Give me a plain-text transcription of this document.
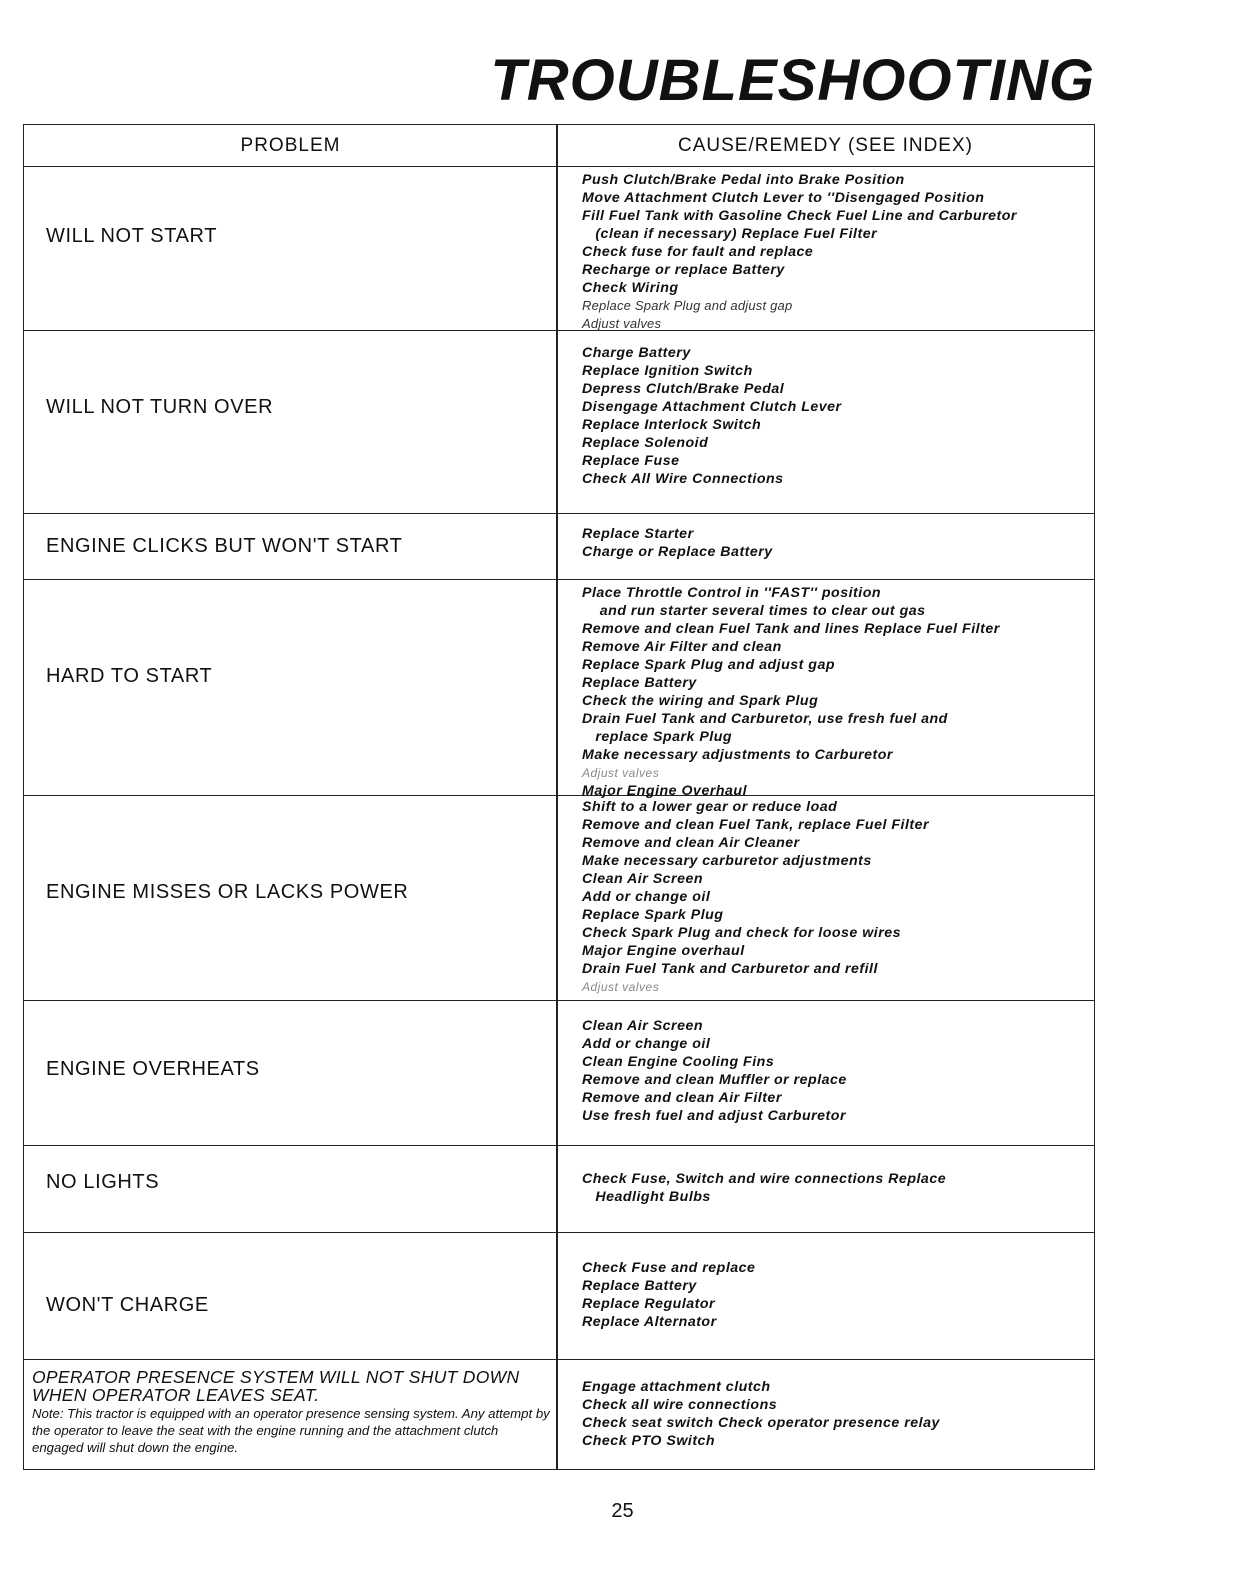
TROUBLESHOOTING
PROBLEM	CAUSE/REMEDY (SEE INDEX)
WILL NOT START
Push Clutch/Brake Pedal into Brake Position
Move Attachment Clutch Lever to ''Disengaged Position
Fill Fuel Tank with Gasoline Check Fuel Line and Carburetor
(clean if necessary) Replace Fuel Filter
Check fuse for fault and replace
Recharge or replace Battery
Check Wiring
Replace Spark Plug and adjust gap
Adjust valves
WILL NOT TURN OVER
Charge Battery
Replace Ignition Switch
Depress Clutch/Brake Pedal
Disengage Attachment Clutch Lever
Replace Interlock Switch
Replace Solenoid
Replace Fuse
Check All Wire Connections
ENGINE CLICKS BUT WON'T START
Replace Starter
Charge or Replace Battery
HARD TO START
Place Throttle Control in ''FAST'' position
and run starter several times to clear out gas
Remove and clean Fuel Tank and lines Replace Fuel Filter
Remove Air Filter and clean
Replace Spark Plug and adjust gap
Replace Battery
Check the wiring and Spark Plug
Drain Fuel Tank and Carburetor, use fresh fuel and
replace Spark Plug
Make necessary adjustments to Carburetor
Adjust valves
Major Engine Overhaul
ENGINE MISSES OR LACKS POWER
Shift to a lower gear or reduce load
Remove and clean Fuel Tank, replace Fuel Filter
Remove and clean Air Cleaner
Make necessary carburetor adjustments
Clean Air Screen
Add or change oil
Replace Spark Plug
Check Spark Plug and check for loose wires
Major Engine overhaul
Drain Fuel Tank and Carburetor and refill
Adjust valves
ENGINE OVERHEATS
Clean Air Screen
Add or change oil
Clean Engine Cooling Fins
Remove and clean Muffler or replace
Remove and clean Air Filter
Use fresh fuel and adjust Carburetor
NO LIGHTS	Check Fuse, Switch and wire connections Replace
Headlight Bulbs
WON'T CHARGE
Check Fuse and replace
Replace Battery
Replace Regulator
Replace Alternator
OPERATOR PRESENCE SYSTEM WILL NOT SHUT DOWN WHEN OPERATOR LEAVES SEAT.
Note: This tractor is equipped with an operator presence sensing system. Any attempt by the operator to leave the seat with the engine running and the attachment clutch engaged will shut down the engine.
Engage attachment clutch
Check all wire connections
Check seat switch Check operator presence relay
Check PTO Switch
25
